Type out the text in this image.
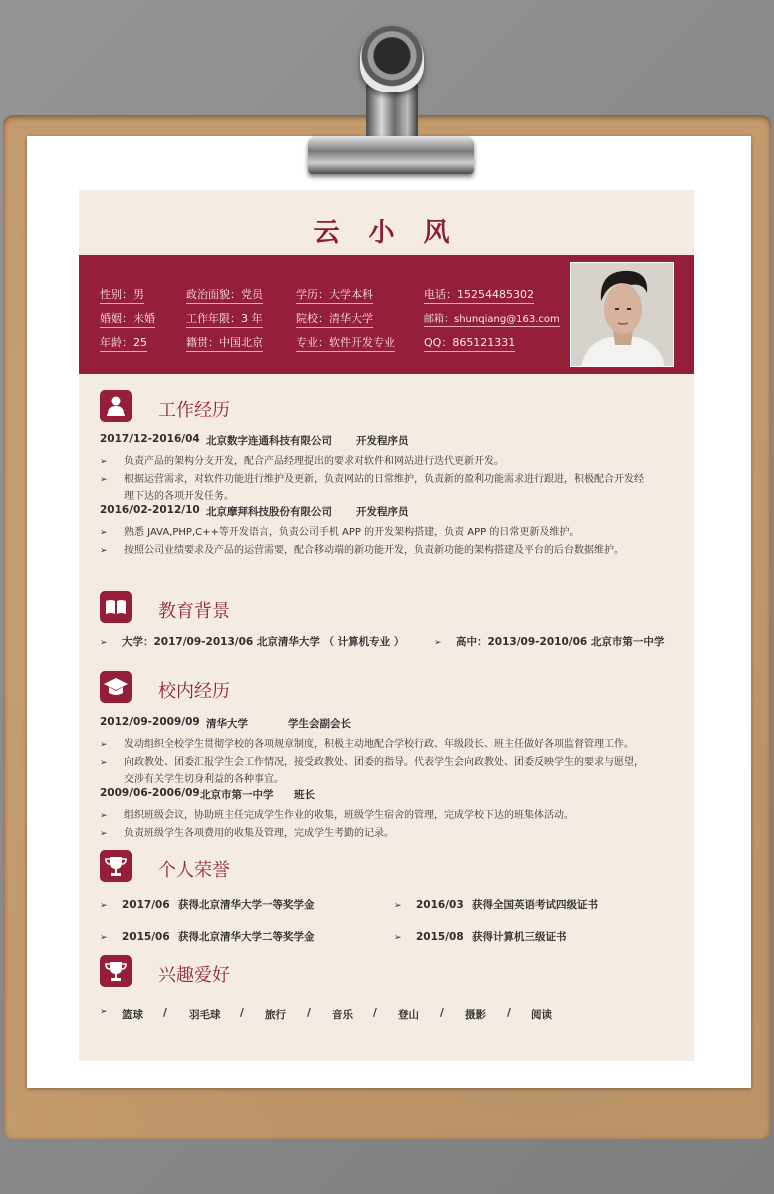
云 小 风
性别：男	政治面貌：党员	学历：大学本科	电话：15254485302
婚姻：未婚	工作年限：3 年	院校：清华大学	邮箱：shunqiang@163.com
年龄：25	籍贯：中国北京	专业：软件开发专业	QQ：865121331
工作经历
2017/12-2016/04 北京数字连通科技有限公司 开发程序员
➢ 负责产品的架构分支开发，配合产品经理提出的要求对软件和网站进行迭代更新开发。
➢ 根据运营需求，对软件功能进行维护及更新，负责网站的日常维护，负责新的盈利功能需求进行跟进，积极配合开发经
理下达的各项开发任务。
2016/02-2012/10 北京摩拜科技股份有限公司 开发程序员
➢ 熟悉 JAVA,PHP,C++等开发语言，负责公司手机 APP 的开发架构搭建，负责 APP 的日常更新及维护。
➢ 按照公司业绩要求及产品的运营需要，配合移动端的新功能开发，负责新功能的架构搭建及平台的后台数据维护。
教育背景
➢ 大学：2017/09-2013/06 北京清华大学 （ 计算机专业 ）	➢ 高中：2013/09-2010/06 北京市第一中学
校内经历
2012/09-2009/09 清华大学	学生会副会长
➢ 发动组织全校学生贯彻学校的各项规章制度，积极主动地配合学校行政、年级段长、班主任做好各项监督管理工作。
➢ 向政教处、团委汇报学生会工作情况，接受政教处、团委的指导。代表学生会向政教处、团委反映学生的要求与愿望，
交涉有关学生切身利益的各种事宜。
2009/06-2006/09 北京市第一中学 班长
➢ 组织班级会议，协助班主任完成学生作业的收集，班级学生宿舍的管理，完成学校下达的班集体活动。
➢ 负责班级学生各项费用的收集及管理，完成学生考勤的记录。
个人荣誉
➢ 2017/06 获得北京清华大学一等奖学金	➢ 2016/03 获得全国英语考试四级证书
➢ 2015/06 获得北京清华大学二等奖学金	➢ 2015/08 获得计算机三级证书
兴趣爱好
➢ 篮球 / 羽毛球 / 旅行 / 音乐 / 登山 / 摄影 / 阅读
